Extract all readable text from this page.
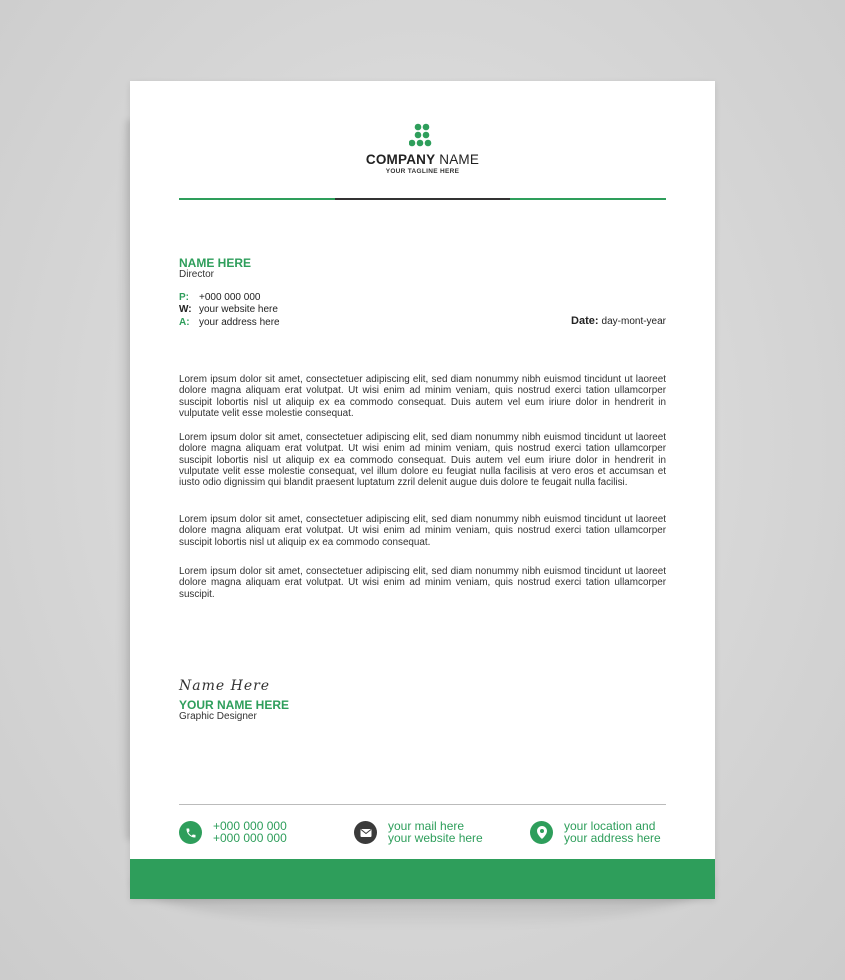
COMPANY NAME
YOUR TAGLINE HERE
NAME HERE
Director
P: +000 000 000
W: your website here
A: your address here	Date: day-mont-year
Lorem ipsum dolor sit amet, consectetuer adipiscing elit, sed diam nonummy nibh euismod tincidunt ut laoreet dolore magna aliquam erat volutpat. Ut wisi enim ad minim veniam, quis nostrud exerci tation ullamcorper suscipit lobortis nisl ut aliquip ex ea commodo consequat. Duis autem vel eum iriure dolor in hendrerit in vulputate velit esse molestie consequat.
Lorem ipsum dolor sit amet, consectetuer adipiscing elit, sed diam nonummy nibh euismod tincidunt ut laoreet dolore magna aliquam erat volutpat. Ut wisi enim ad minim veniam, quis nostrud exerci tation ullamcorper suscipit lobortis nisl ut aliquip ex ea commodo consequat. Duis autem vel eum iriure dolor in hendrerit in vulputate velit esse molestie consequat, vel illum dolore eu feugiat nulla facilisis at vero eros et accumsan et iusto odio dignissim qui blandit praesent luptatum zzril delenit augue duis dolore te feugait nulla facilisi.
Lorem ipsum dolor sit amet, consectetuer adipiscing elit, sed diam nonummy nibh euismod tincidunt ut laoreet dolore magna aliquam erat volutpat. Ut wisi enim ad minim veniam, quis nostrud exerci tation ullamcorper suscipit lobortis nisl ut aliquip ex ea commodo consequat.
Lorem ipsum dolor sit amet, consectetuer adipiscing elit, sed diam nonummy nibh euismod tincidunt ut laoreet dolore magna aliquam erat volutpat. Ut wisi enim ad minim veniam, quis nostrud exerci tation ullamcorper suscipit.
Name Here
YOUR NAME HERE
Graphic Designer
+000 000 000
+000 000 000
your mail here
your website here
your location and
your address here
